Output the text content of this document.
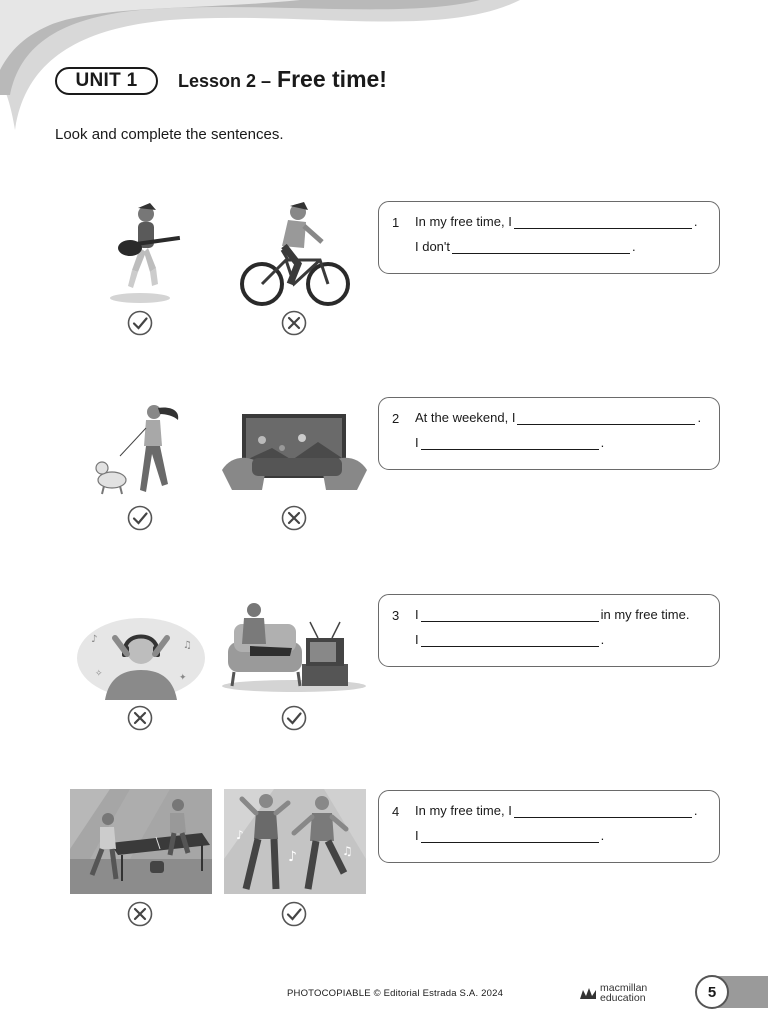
UNIT 1	Lesson 2 – Free time!
Look and complete the sentences.
♪
♫
✧	✦
♪	♫
♪
1 In my free time, I	.
I don't	.
2 At the weekend, I	.
I	.
3 I	in my free time.
I	.
4 In my free time, I	.
I	.
PHOTOCOPIABLE © Editorial Estrada S.A. 2024	macmillan
education	5
